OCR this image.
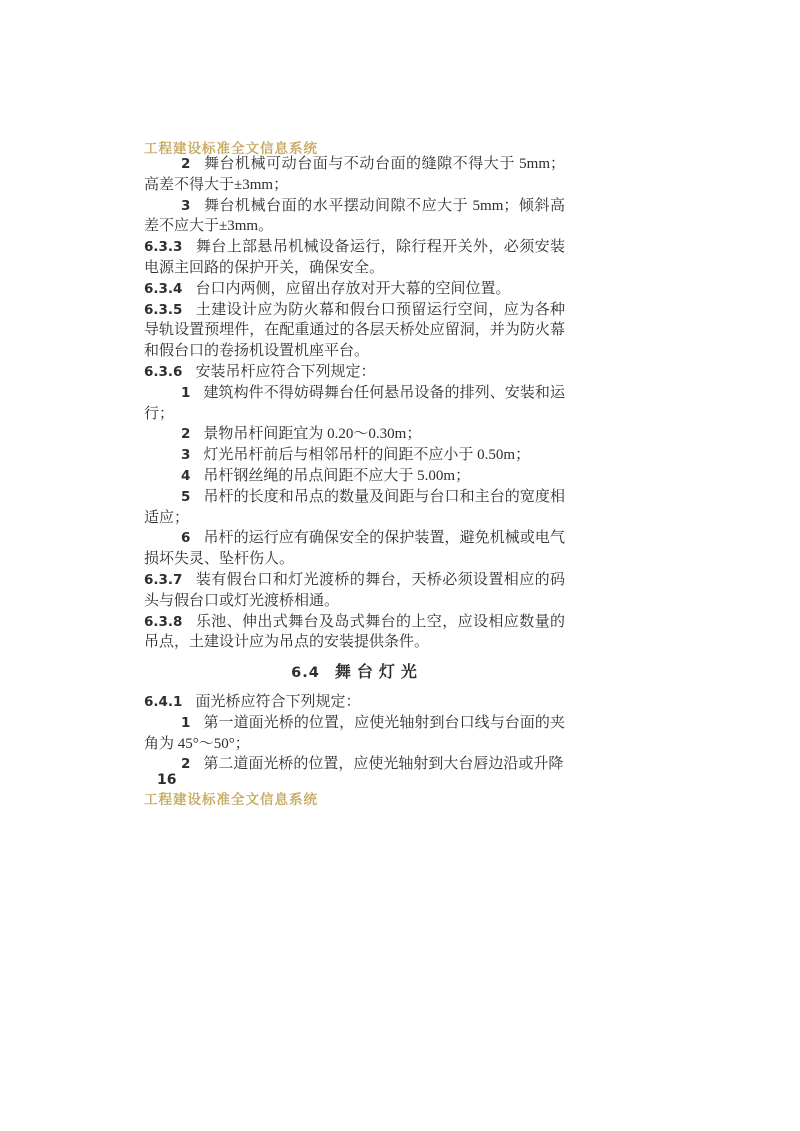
工程建设标准全文信息系统

2 舞台机械可动台面与不动台面的缝隙不得大于 5mm；高差不得大于±3mm；

3 舞台机械台面的水平摆动间隙不应大于 5mm；倾斜高差不应大于±3mm。

6.3.3 舞台上部悬吊机械设备运行，除行程开关外，必须安装电源主回路的保护开关，确保安全。

6.3.4 台口内两侧，应留出存放对开大幕的空间位置。

6.3.5 土建设计应为防火幕和假台口预留运行空间，应为各种导轨设置预埋件，在配重通过的各层天桥处应留洞，并为防火幕和假台口的卷扬机设置机座平台。

6.3.6 安装吊杆应符合下列规定：

1 建筑构件不得妨碍舞台任何悬吊设备的排列、安装和运行；

2 景物吊杆间距宜为 0.20～0.30m；

3 灯光吊杆前后与相邻吊杆的间距不应小于 0.50m；

4 吊杆钢丝绳的吊点间距不应大于 5.00m；

5 吊杆的长度和吊点的数量及间距与台口和主台的宽度相适应；

6 吊杆的运行应有确保安全的保护装置，避免机械或电气损坏失灵、坠杆伤人。

6.3.7 装有假台口和灯光渡桥的舞台，天桥必须设置相应的码头与假台口或灯光渡桥相通。

6.3.8 乐池、伸出式舞台及岛式舞台的上空，应设相应数量的吊点，土建设计应为吊点的安装提供条件。

6.4 舞 台 灯 光

6.4.1 面光桥应符合下列规定：

1 第一道面光桥的位置，应使光轴射到台口线与台面的夹角为 45°～50°；

2 第二道面光桥的位置，应使光轴射到大台唇边沿或升降

16
工程建设标准全文信息系统
